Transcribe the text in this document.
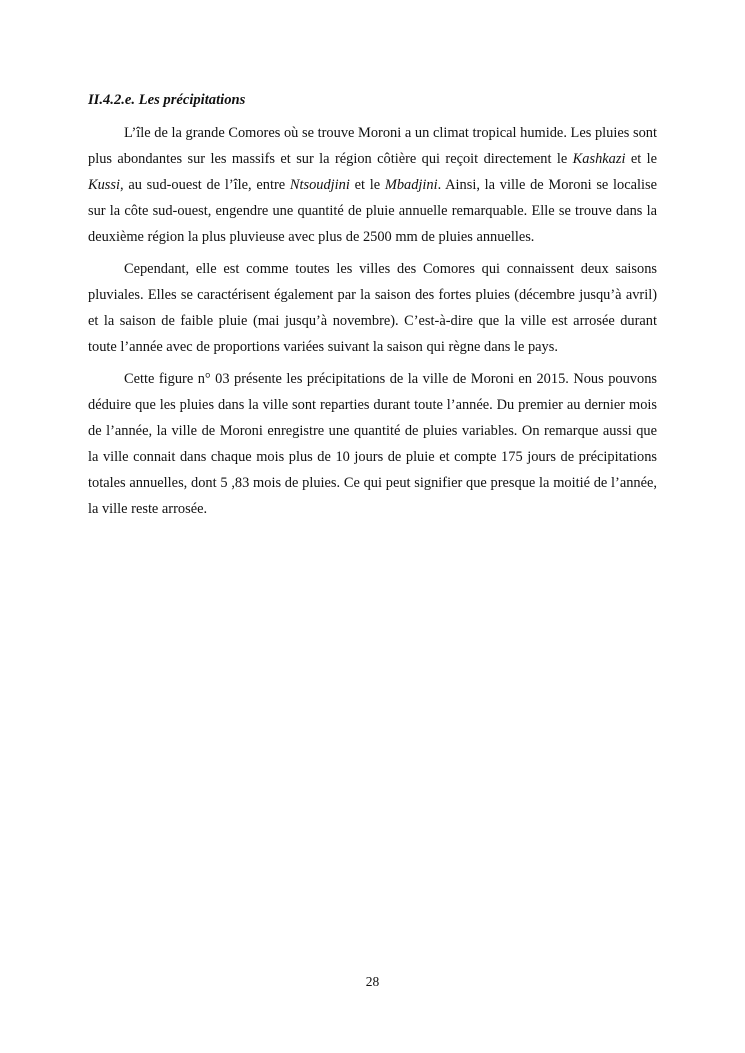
II.4.2.e. Les précipitations

L’île de la grande Comores où se trouve Moroni a un climat tropical humide. Les pluies sont plus abondantes sur les massifs et sur la région côtière qui reçoit directement le Kashkazi et le Kussi, au sud-ouest de l’île, entre Ntsoudjini et le Mbadjini. Ainsi, la ville de Moroni se localise sur la côte sud-ouest, engendre une quantité de pluie annuelle remarquable. Elle se trouve dans la deuxième région la plus pluvieuse avec plus de 2500 mm de pluies annuelles.

Cependant, elle est comme toutes les villes des Comores qui connaissent deux saisons pluviales. Elles se caractérisent également par la saison des fortes pluies (décembre jusqu’à avril) et la saison de faible pluie (mai jusqu’à novembre). C’est-à-dire que la ville est arrosée durant toute l’année avec de proportions variées suivant la saison qui règne dans le pays.

Cette figure n° 03 présente les précipitations de la ville de Moroni en 2015. Nous pouvons déduire que les pluies dans la ville sont reparties durant toute l’année. Du premier au dernier mois de l’année, la ville de Moroni enregistre une quantité de pluies variables. On remarque aussi que la ville connait dans chaque mois plus de 10 jours de pluie et compte 175 jours de précipitations totales annuelles, dont 5 ,83 mois de pluies. Ce qui peut signifier que presque la moitié de l’année, la ville reste arrosée.

28
